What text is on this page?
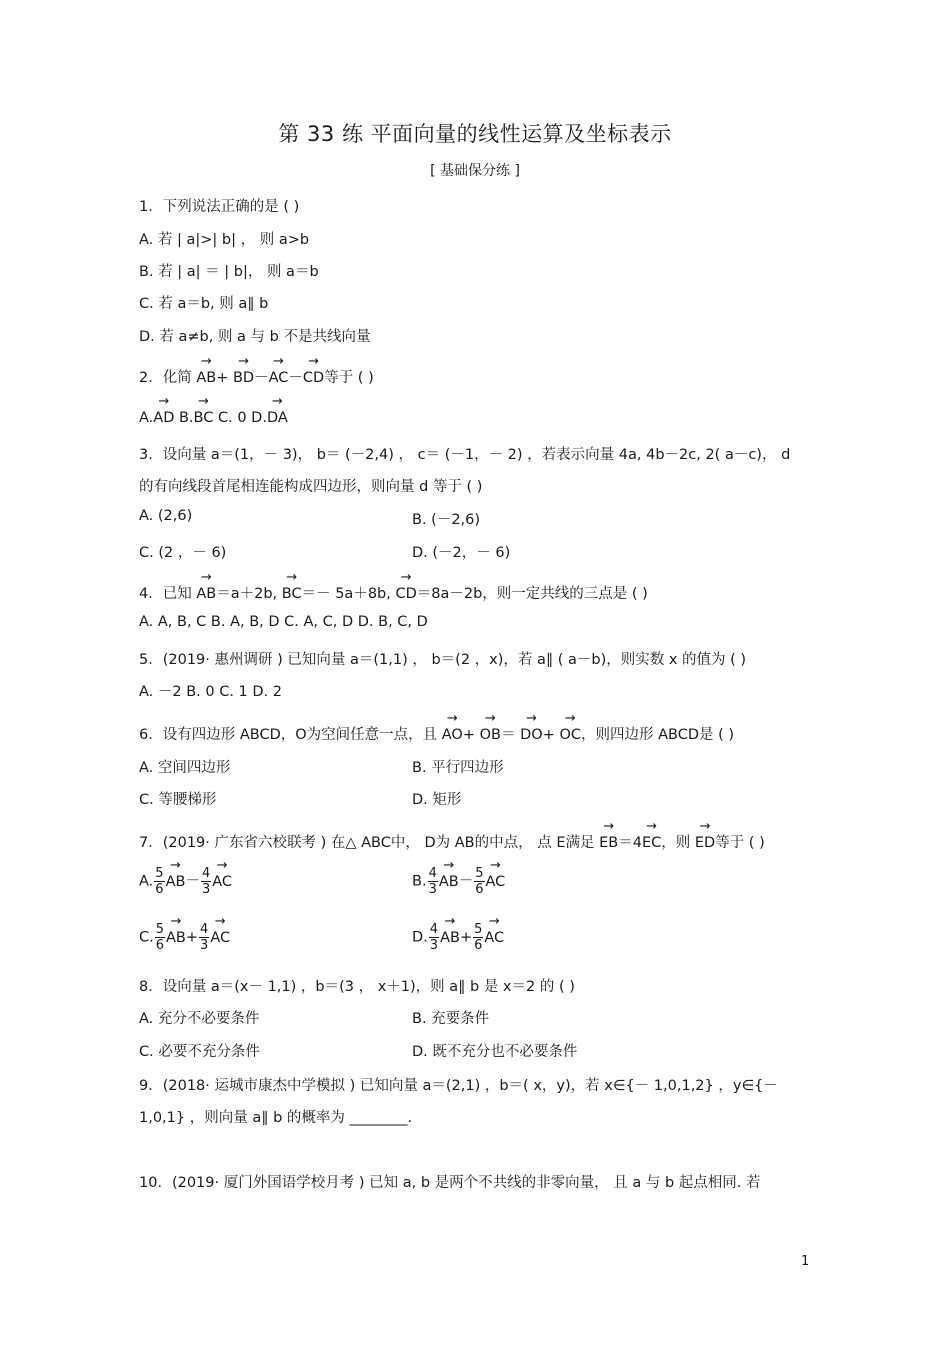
第 33 练 平面向量的线性运算及坐标表示
[ 基础保分练 ]
1．下列说法正确的是 ( )
A. 若 | a|>| b| ， 则 a>b
B. 若 | a| ＝ | b|， 则 a＝b
C. 若 a＝b, 则 a∥ b
D. 若 a≠b, 则 a 与 b 不是共线向量
2．化简 → AB+ → BD－→ AC－→ CD等于 ( )
A.→ AD B.→ BC C. 0 D.→ DA
3．设向量 a＝(1，－ 3)， b＝ (－2,4) ， c＝ (－1，－ 2) ，若表示向量 4a, 4b－2c, 2( a－c)， d
的有向线段首尾相连能构成四边形，则向量 d 等于 ( )
A. (2,6)	B. (－2,6)
C. (2 ，－ 6)	D. (－2，－ 6)
4．已知 → AB＝a＋2b, → BC＝－ 5a＋8b, → CD＝8a－2b，则一定共线的三点是 ( )
A. A, B, C B. A, B, D C. A, C, D D. B, C, D
5．(2019· 惠州调研 ) 已知向量 a＝(1,1) ， b＝(2 ，x)，若 a∥ ( a－b)，则实数 x 的值为 ( )
A. －2 B. 0 C. 1 D. 2
6．设有四边形 ABCD，O为空间任意一点，且 → AO+ → OB＝ → DO+ → OC，则四边形 ABCD是 ( )
A. 空间四边形	B. 平行四边形
C. 等腰梯形	D. 矩形
7．(2019· 广东省六校联考 ) 在△ ABC中， D为 AB的中点， 点 E满足 → EB＝4→ EC，则 → ED等于 ( )
A. $\frac{5}{6}$
→ $AB- \frac{4}{3}$
→ AC	B. $\frac{4}{3}$
→ $AB- \frac{5}{6}$
→ AC
C. $\frac{5}{6}$
→ $AB+ \frac{4}{3}$
→ AC	D. $\frac{4}{3}$
→ $AB+ \frac{5}{6}$
→ AC
8．设向量 a＝(x－ 1,1) ，b＝(3 ， x＋1)，则 a∥ b 是 x＝2 的 ( )
A. 充分不必要条件	B. 充要条件
C. 必要不充分条件	D. 既不充分也不必要条件
9．(2018· 运城市康杰中学模拟 ) 已知向量 a＝(2,1) ，b＝( x，y)，若 x∈{－ 1,0,1,2} ，y∈{－
1,0,1} ，则向量 a∥ b 的概率为 ________.
10．(2019· 厦门外国语学校月考 ) 已知 a, b 是两个不共线的非零向量， 且 a 与 b 起点相同. 若
1
